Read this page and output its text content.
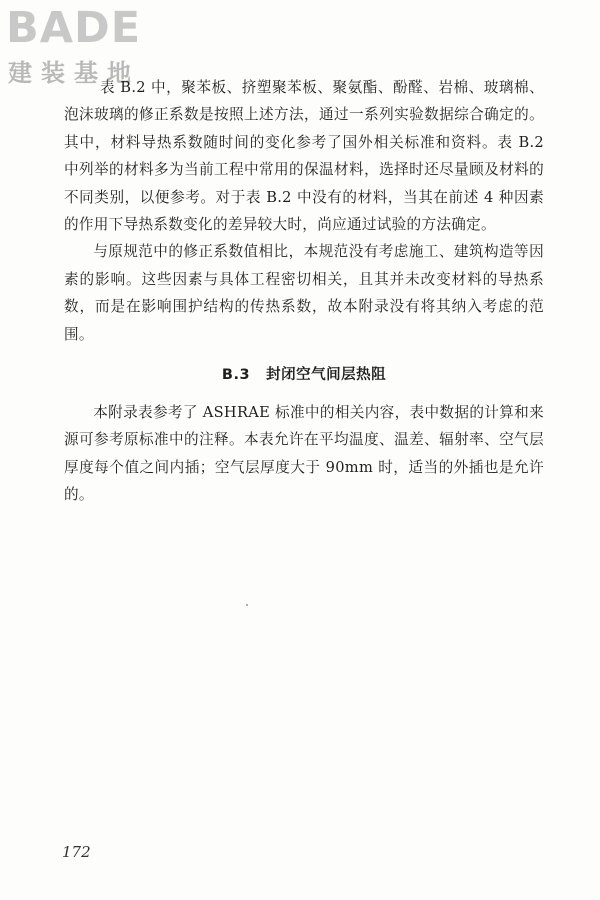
BADE
建装基地

表 B.2 中，聚苯板、挤塑聚苯板、聚氨酯、酚醛、岩棉、玻璃棉、泡沫玻璃的修正系数是按照上述方法，通过一系列实验数据综合确定的。其中，材料导热系数随时间的变化参考了国外相关标准和资料。表 B.2 中列举的材料多为当前工程中常用的保温材料，选择时还尽量顾及材料的不同类别，以便参考。对于表 B.2 中没有的材料，当其在前述 4 种因素的作用下导热系数变化的差异较大时，尚应通过试验的方法确定。

与原规范中的修正系数值相比，本规范没有考虑施工、建筑构造等因素的影响。这些因素与具体工程密切相关，且其并未改变材料的导热系数，而是在影响围护结构的传热系数，故本附录没有将其纳入考虑的范围。

B.3 封闭空气间层热阻

本附录表参考了 ASHRAE 标准中的相关内容，表中数据的计算和来源可参考原标准中的注释。本表允许在平均温度、温差、辐射率、空气层厚度每个值之间内插；空气层厚度大于 90mm 时，适当的外插也是允许的。

172
